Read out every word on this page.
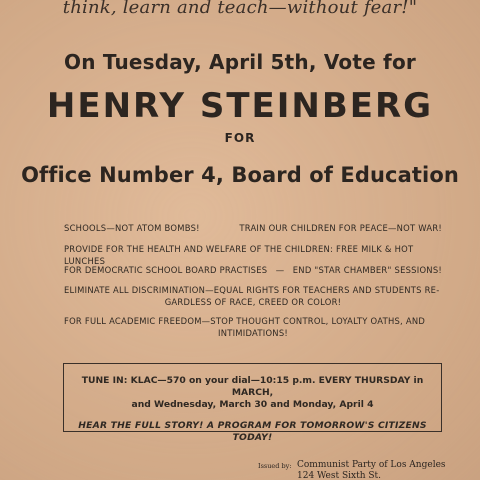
think, learn and teach—without fear!"
On Tuesday, April 5th, Vote for
HENRY STEINBERG
FOR
Office Number 4, Board of Education
SCHOOLS—NOT ATOM BOMBS!	TRAIN OUR CHILDREN FOR PEACE—NOT WAR!
PROVIDE FOR THE HEALTH AND WELFARE OF THE CHILDREN: FREE MILK & HOT LUNCHES
FOR DEMOCRATIC SCHOOL BOARD PRACTISES — END "STAR CHAMBER" SESSIONS!
ELIMINATE ALL DISCRIMINATION—EQUAL RIGHTS FOR TEACHERS AND STUDENTS RE-
GARDLESS OF RACE, CREED OR COLOR!
FOR FULL ACADEMIC FREEDOM—STOP THOUGHT CONTROL, LOYALTY OATHS, AND
INTIMIDATIONS!
TUNE IN: KLAC—570 on your dial—10:15 p.m. EVERY THURSDAY in MARCH,
and Wednesday, March 30 and Monday, April 4
HEAR THE FULL STORY! A PROGRAM FOR TOMORROW'S CITIZENS TODAY!
Issued by: Communist Party of Los Angeles
124 West Sixth St.
